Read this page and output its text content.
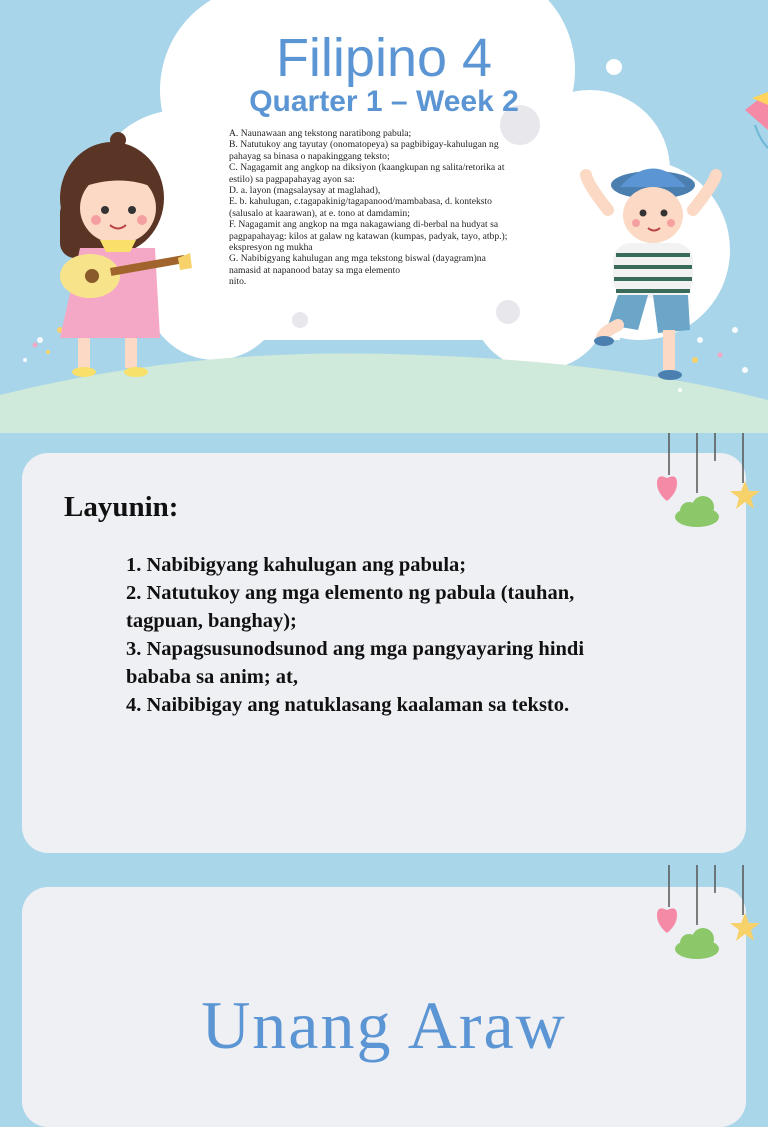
Filipino 4
Quarter 1 – Week 2
A. Naunawaan ang tekstong naratibong pabula;
B. Natutukoy ang tayutay (onomatopeya) sa pagbibigay-kahulugan ng
pahayag sa binasa o napakinggang teksto;
C. Nagagamit ang angkop na diksiyon (kaangkupan ng salita/retorika at
estilo) sa pagpapahayag ayon sa:
D. a. layon (magsalaysay at maglahad),
E. b. kahulugan, c.tagapakinig/tagapanood/mambabasa, d. konteksto
(salusalo at kaarawan), at e. tono at damdamin;
F. Nagagamit ang angkop na mga nakagawiang di-berbal na hudyat sa
pagpapahayag: kilos at galaw ng katawan (kumpas, padyak, tayo, atbp.);
ekspresyon ng mukha
G. Nabibigyang kahulugan ang mga tekstong biswal (dayagram)na
namasid at napanood batay sa mga elemento
nito.
Layunin:
1. Nabibigyang kahulugan ang pabula;
2. Natutukoy ang mga elemento ng pabula (tauhan, tagpuan, banghay);
3. Napagsusunodsunod ang mga pangyayaring hindi bababa sa anim; at,
4. Naibibigay ang natuklasang kaalaman sa teksto.
Unang Araw
